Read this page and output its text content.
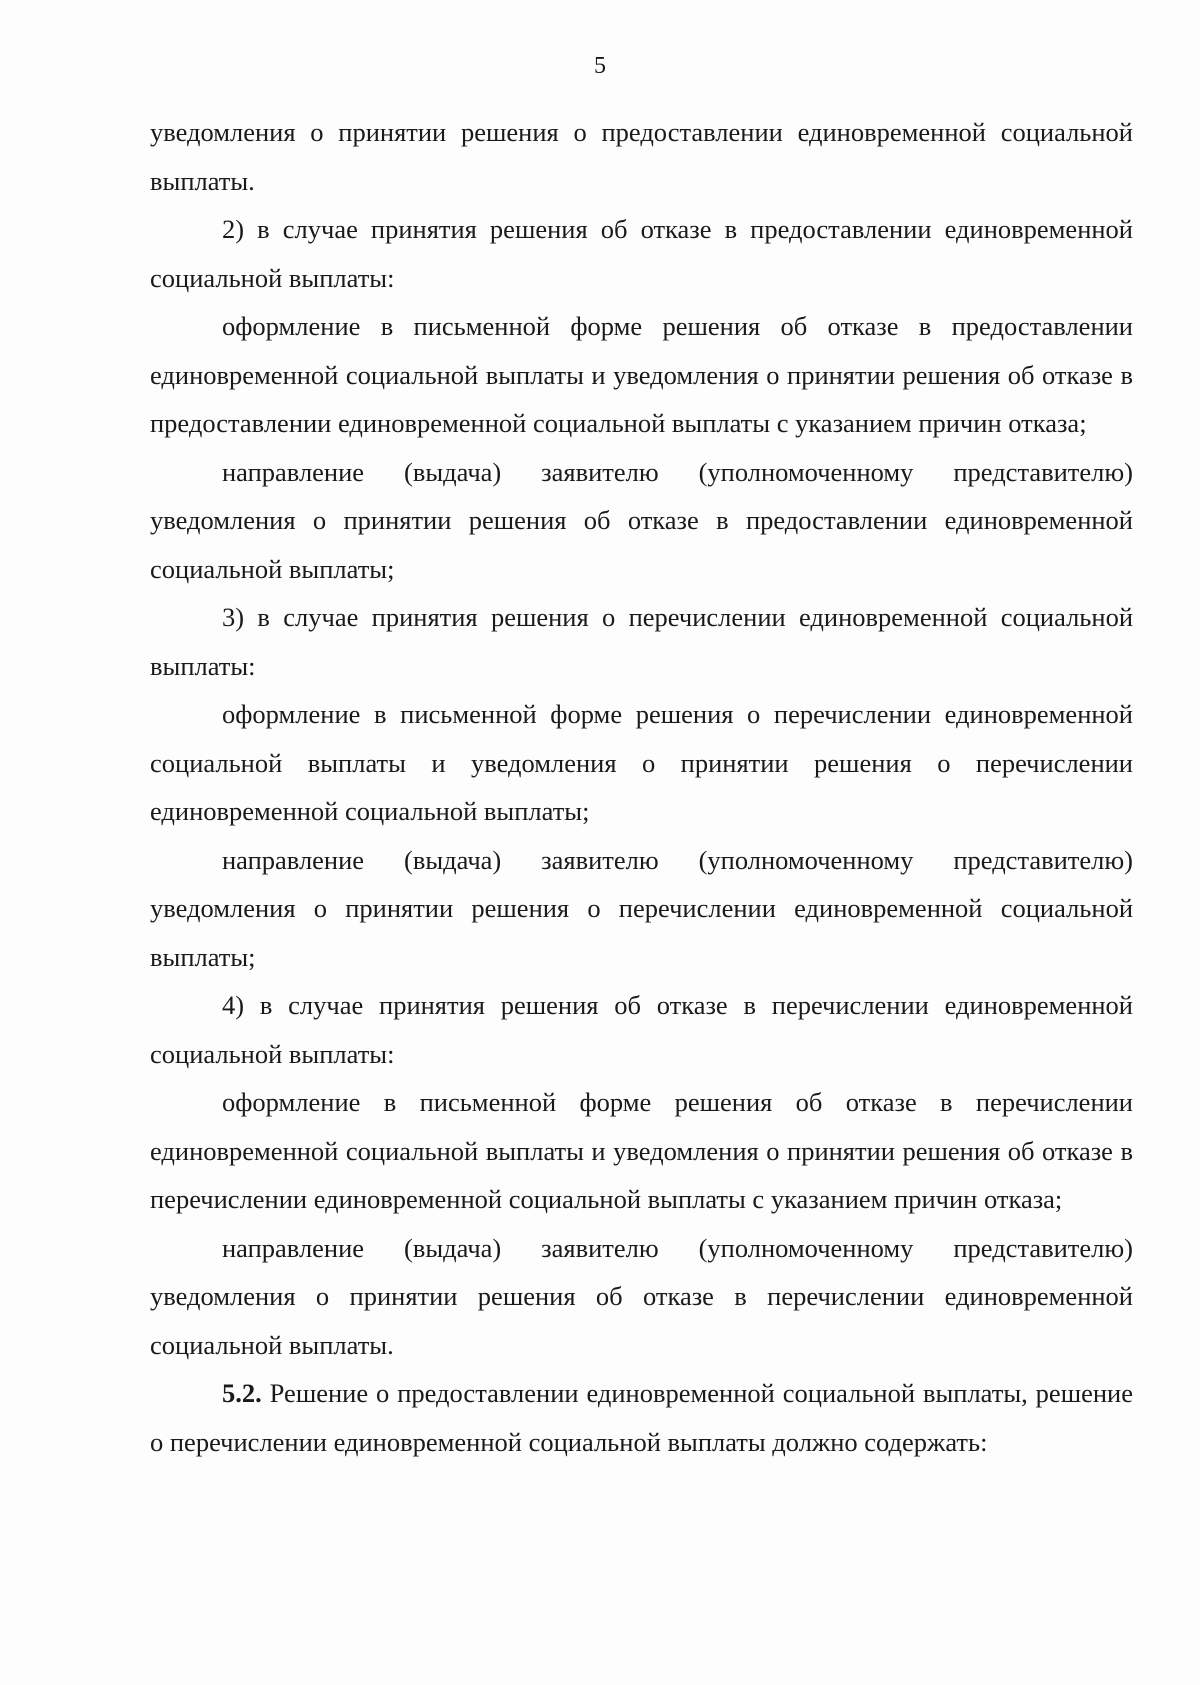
5

уведомления о принятии решения о предоставлении единовременной социальной выплаты.

2) в случае принятия решения об отказе в предоставлении единовременной социальной выплаты:

оформление в письменной форме решения об отказе в предоставлении единовременной социальной выплаты и уведомления о принятии решения об отказе в предоставлении единовременной социальной выплаты с указанием причин отказа;

направление (выдача) заявителю (уполномоченному представителю) уведомления о принятии решения об отказе в предоставлении единовременной социальной выплаты;

3) в случае принятия решения о перечислении единовременной социальной выплаты:

оформление в письменной форме решения о перечислении единовременной социальной выплаты и уведомления о принятии решения о перечислении единовременной социальной выплаты;

направление (выдача) заявителю (уполномоченному представителю) уведомления о принятии решения о перечислении единовременной социальной выплаты;

4) в случае принятия решения об отказе в перечислении единовременной социальной выплаты:

оформление в письменной форме решения об отказе в перечислении единовременной социальной выплаты и уведомления о принятии решения об отказе в перечислении единовременной социальной выплаты с указанием причин отказа;

направление (выдача) заявителю (уполномоченному представителю) уведомления о принятии решения об отказе в перечислении единовременной социальной выплаты.

5.2. Решение о предоставлении единовременной социальной выплаты, решение о перечислении единовременной социальной выплаты должно содержать:
